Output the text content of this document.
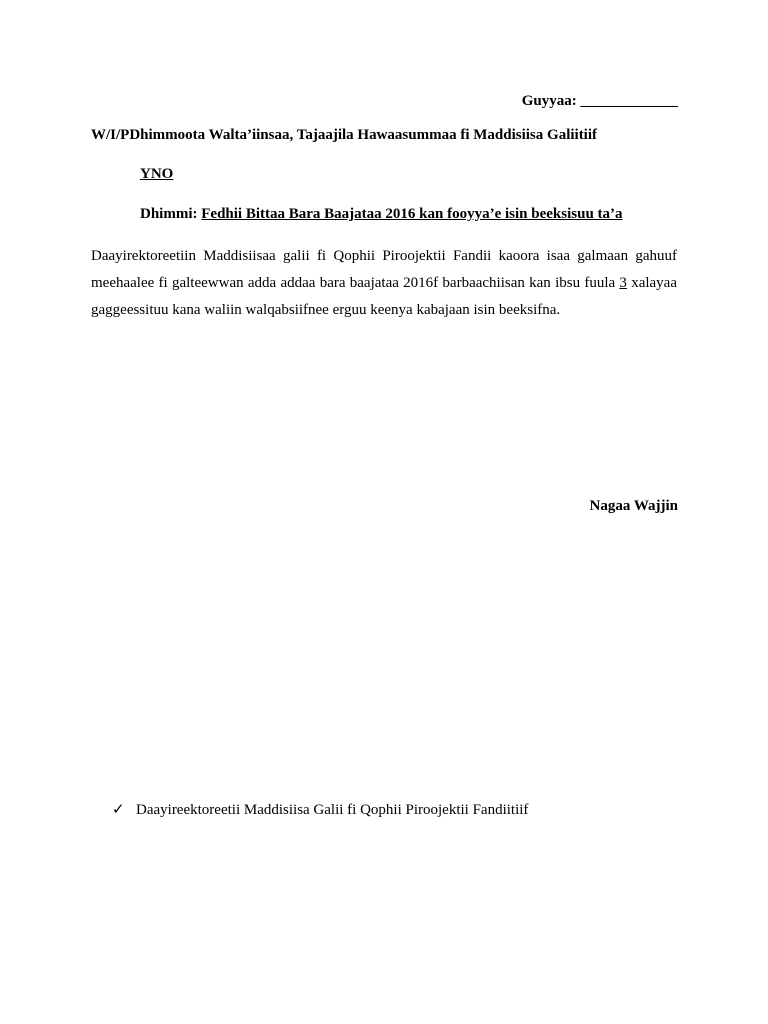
Guyyaa: _____________
W/I/PDhimmoota Walta’iinsaa, Tajaajila Hawaasummaa fi Maddisiisa Galiitiif
YNO
Dhimmi: Fedhii Bittaa Bara Baajataa 2016 kan fooyya’e isin beeksisuu ta’a
Daayirektoreetiin Maddisiisaa galii fi Qophii Piroojektii Fandii kaoora isaa galmaan gahuuf meehaalee fi galteewwan adda addaa bara baajataa 2016f barbaachiisan kan ibsu fuula 3 xalayaa gaggeessituu kana waliin walqabsiifnee erguu keenya kabajaan isin beeksifna.
Nagaa Wajjin
✓ Daayireektoreetii Maddisiisa Galii fi Qophii Piroojektii Fandiitiif
